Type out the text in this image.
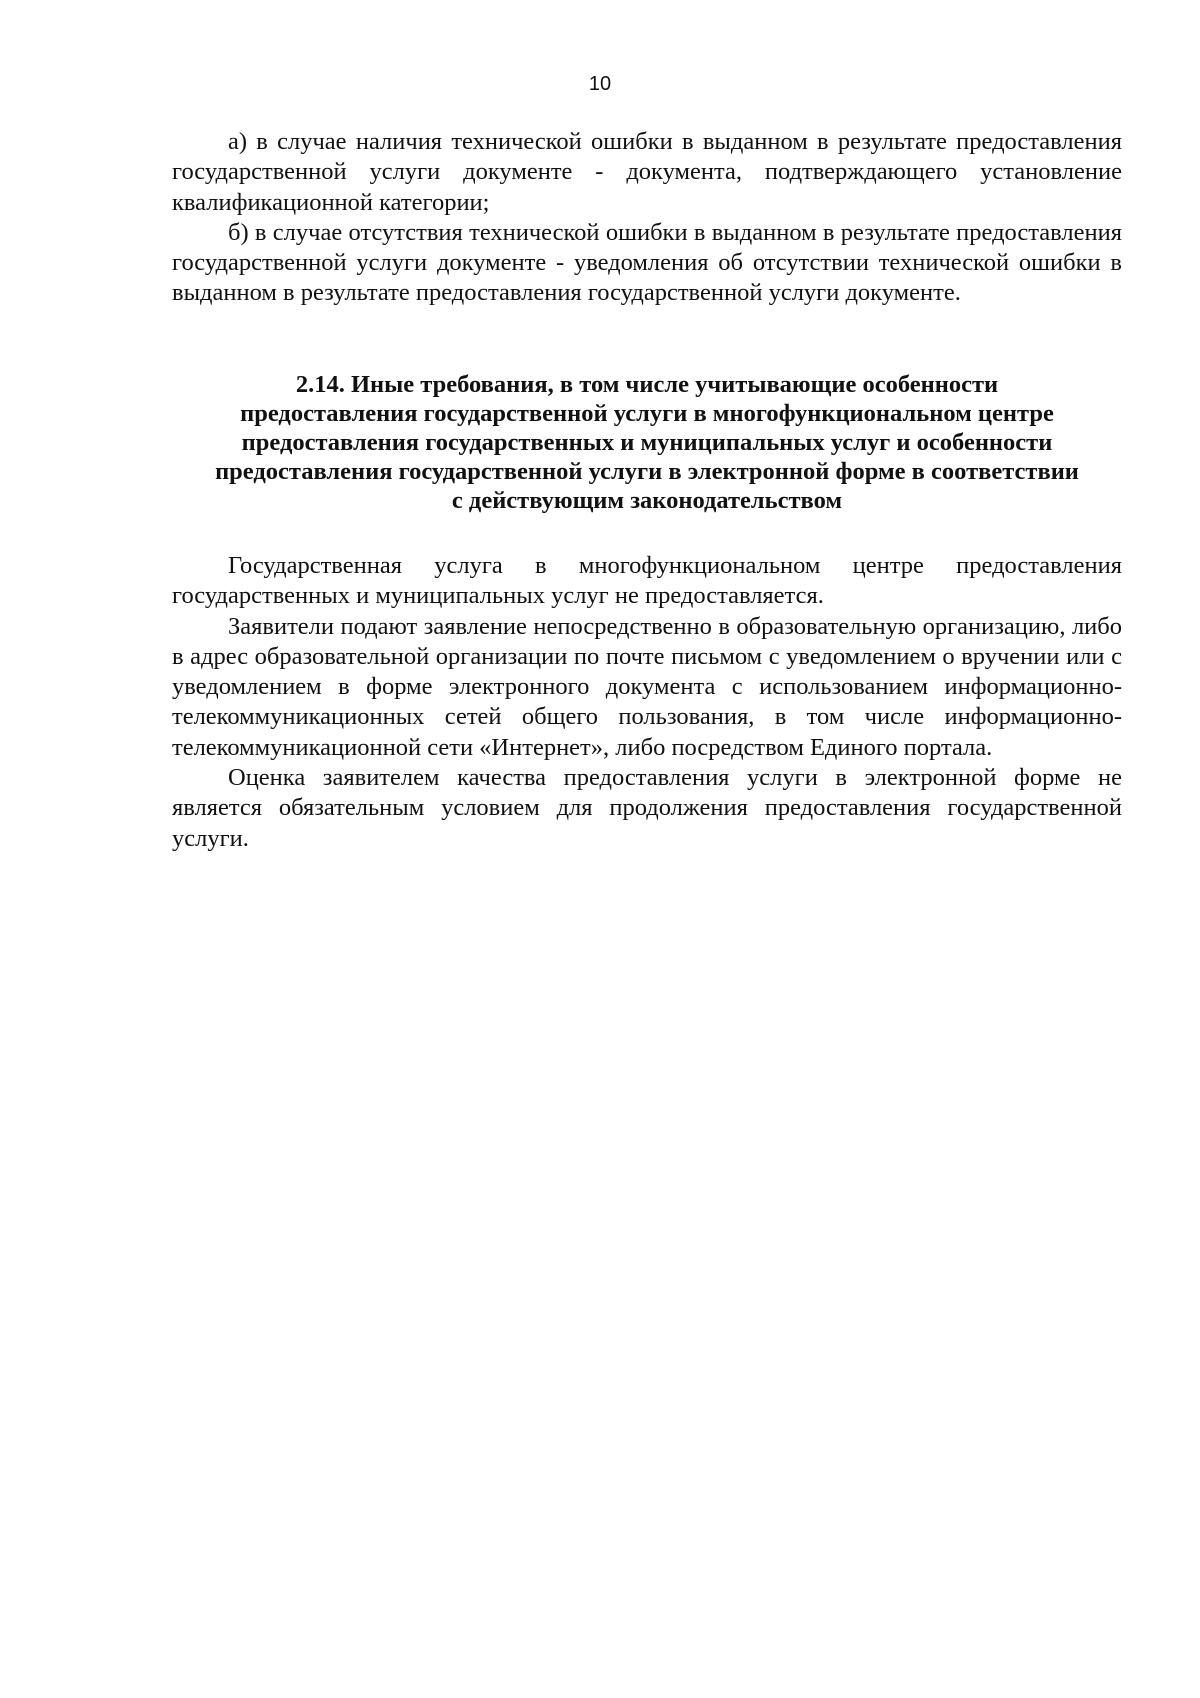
10

а) в случае наличия технической ошибки в выданном в результате предоставления государственной услуги документе - документа, подтверждающего установление квалификационной категории;

б) в случае отсутствия технической ошибки в выданном в результате предоставления государственной услуги документе - уведомления об отсутствии технической ошибки в выданном в результате предоставления государственной услуги документе.

2.14. Иные требования, в том числе учитывающие особенности
предоставления государственной услуги в многофункциональном центре
предоставления государственных и муниципальных услуг и особенности
предоставления государственной услуги в электронной форме в соответствии
с действующим законодательством

Государственная услуга в многофункциональном центре предоставления государственных и муниципальных услуг не предоставляется.

Заявители подают заявление непосредственно в образовательную организацию, либо в адрес образовательной организации по почте письмом с уведомлением о вручении или с уведомлением в форме электронного документа с использованием информационно-телекоммуникационных сетей общего пользования, в том числе информационно-телекоммуникационной сети «Интернет», либо посредством Единого портала.

Оценка заявителем качества предоставления услуги в электронной форме не является обязательным условием для продолжения предоставления государственной услуги.
